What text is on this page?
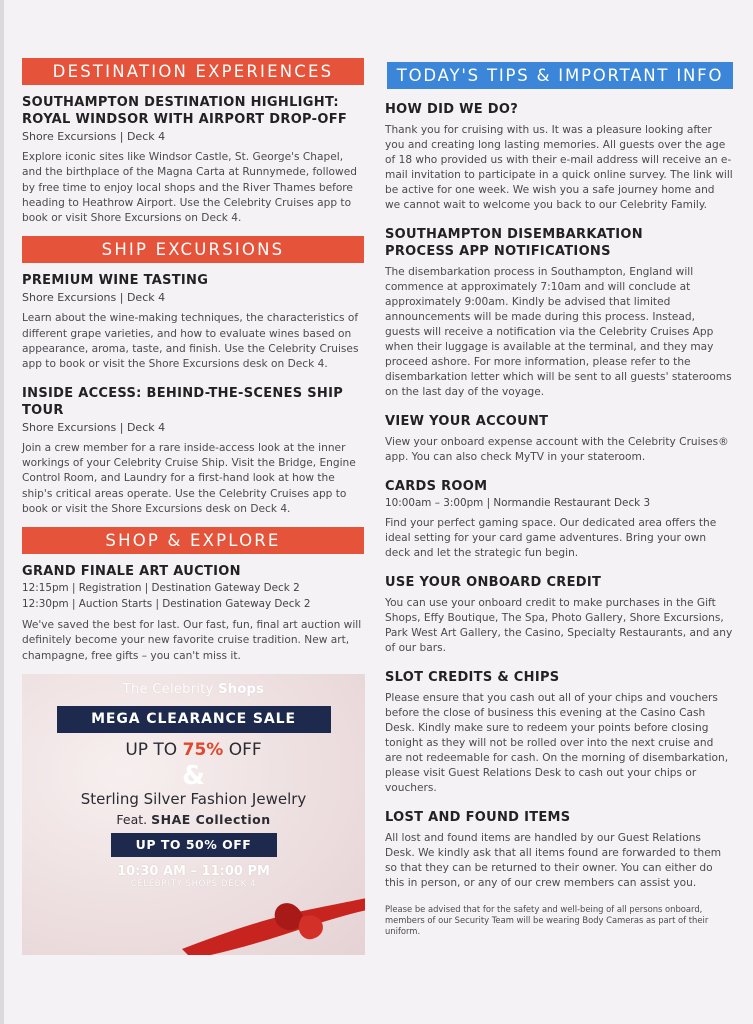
DESTINATION EXPERIENCES
SOUTHAMPTON DESTINATION HIGHLIGHT:
ROYAL WINDSOR WITH AIRPORT DROP-OFF
Shore Excursions | Deck 4
Explore iconic sites like Windsor Castle, St. George's Chapel, and the birthplace of the Magna Carta at Runnymede, followed by free time to enjoy local shops and the River Thames before heading to Heathrow Airport. Use the Celebrity Cruises app to book or visit Shore Excursions on Deck 4.
SHIP EXCURSIONS
PREMIUM WINE TASTING
Shore Excursions | Deck 4
Learn about the wine-making techniques, the characteristics of different grape varieties, and how to evaluate wines based on appearance, aroma, taste, and finish. Use the Celebrity Cruises app to book or visit the Shore Excursions desk on Deck 4.
INSIDE ACCESS: BEHIND-THE-SCENES SHIP TOUR
Shore Excursions | Deck 4
Join a crew member for a rare inside-access look at the inner workings of your Celebrity Cruise Ship. Visit the Bridge, Engine Control Room, and Laundry for a first-hand look at how the ship's critical areas operate. Use the Celebrity Cruises app to book or visit the Shore Excursions desk on Deck 4.
SHOP & EXPLORE
GRAND FINALE ART AUCTION
12:15pm | Registration | Destination Gateway Deck 2
12:30pm | Auction Starts | Destination Gateway Deck 2
We've saved the best for last. Our fast, fun, final art auction will definitely become your new favorite cruise tradition. New art, champagne, free gifts – you can't miss it.
The Celebrity Shops
MEGA CLEARANCE SALE
UP TO 75% OFF
&
Sterling Silver Fashion Jewelry
Feat. SHAE Collection
UP TO 50% OFF
10:30 AM – 11:00 PM
CELEBRITY SHOPS DECK 4
TODAY'S TIPS & IMPORTANT INFO
HOW DID WE DO?
Thank you for cruising with us. It was a pleasure looking after you and creating long lasting memories. All guests over the age of 18 who provided us with their e-mail address will receive an e-mail invitation to participate in a quick online survey. The link will be active for one week. We wish you a safe journey home and we cannot wait to welcome you back to our Celebrity Family.
SOUTHAMPTON DISEMBARKATION
PROCESS APP NOTIFICATIONS
The disembarkation process in Southampton, England will commence at approximately 7:10am and will conclude at approximately 9:00am. Kindly be advised that limited announcements will be made during this process. Instead, guests will receive a notification via the Celebrity Cruises App when their luggage is available at the terminal, and they may proceed ashore. For more information, please refer to the disembarkation letter which will be sent to all guests' staterooms on the last day of the voyage.
VIEW YOUR ACCOUNT
View your onboard expense account with the Celebrity Cruises® app. You can also check MyTV in your stateroom.
CARDS ROOM
10:00am – 3:00pm | Normandie Restaurant Deck 3
Find your perfect gaming space. Our dedicated area offers the ideal setting for your card game adventures. Bring your own deck and let the strategic fun begin.
USE YOUR ONBOARD CREDIT
You can use your onboard credit to make purchases in the Gift Shops, Effy Boutique, The Spa, Photo Gallery, Shore Excursions, Park West Art Gallery, the Casino, Specialty Restaurants, and any of our bars.
SLOT CREDITS & CHIPS
Please ensure that you cash out all of your chips and vouchers before the close of business this evening at the Casino Cash Desk. Kindly make sure to redeem your points before closing tonight as they will not be rolled over into the next cruise and are not redeemable for cash. On the morning of disembarkation, please visit Guest Relations Desk to cash out your chips or vouchers.
LOST AND FOUND ITEMS
All lost and found items are handled by our Guest Relations Desk. We kindly ask that all items found are forwarded to them so that they can be returned to their owner. You can either do this in person, or any of our crew members can assist you.
Please be advised that for the safety and well-being of all persons onboard, members of our Security Team will be wearing Body Cameras as part of their uniform.
